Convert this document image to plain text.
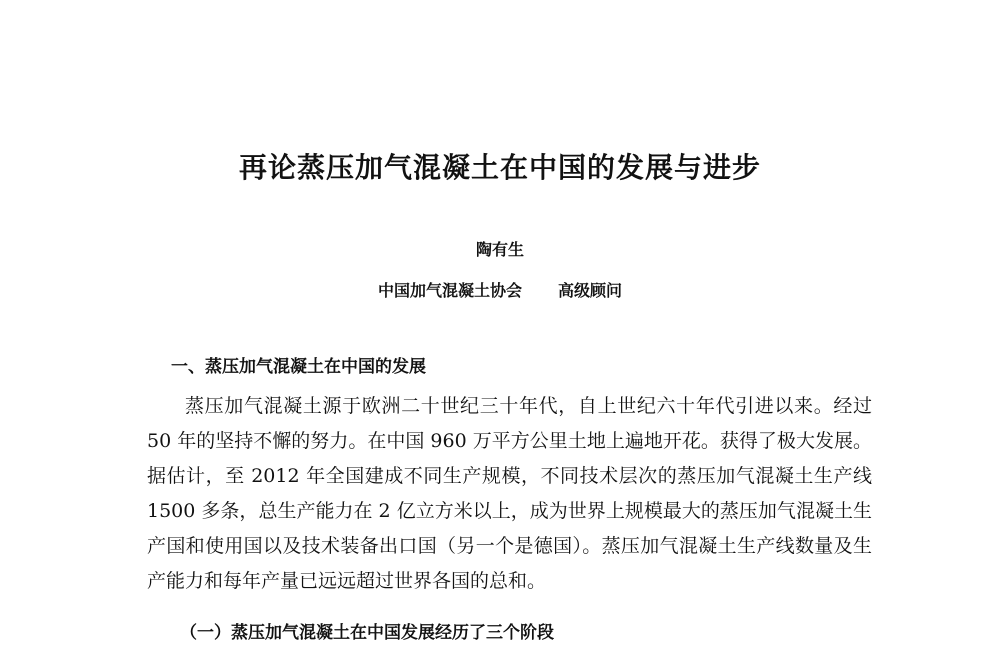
再论蒸压加气混凝土在中国的发展与进步
陶有生
中国加气混凝土协会 高级顾问
一、蒸压加气混凝土在中国的发展

蒸压加气混凝土源于欧洲二十世纪三十年代，自上世纪六十年代引进以来。经过 50 年的坚持不懈的努力。在中国 960 万平方公里土地上遍地开花。获得了极大发展。据估计，至 2012 年全国建成不同生产规模，不同技术层次的蒸压加气混凝土生产线 1500 多条，总生产能力在 2 亿立方米以上，成为世界上规模最大的蒸压加气混凝土生产国和使用国以及技术装备出口国（另一个是德国）。蒸压加气混凝土生产线数量及生产能力和每年产量已远远超过世界各国的总和。

（一）蒸压加气混凝土在中国发展经历了三个阶段
